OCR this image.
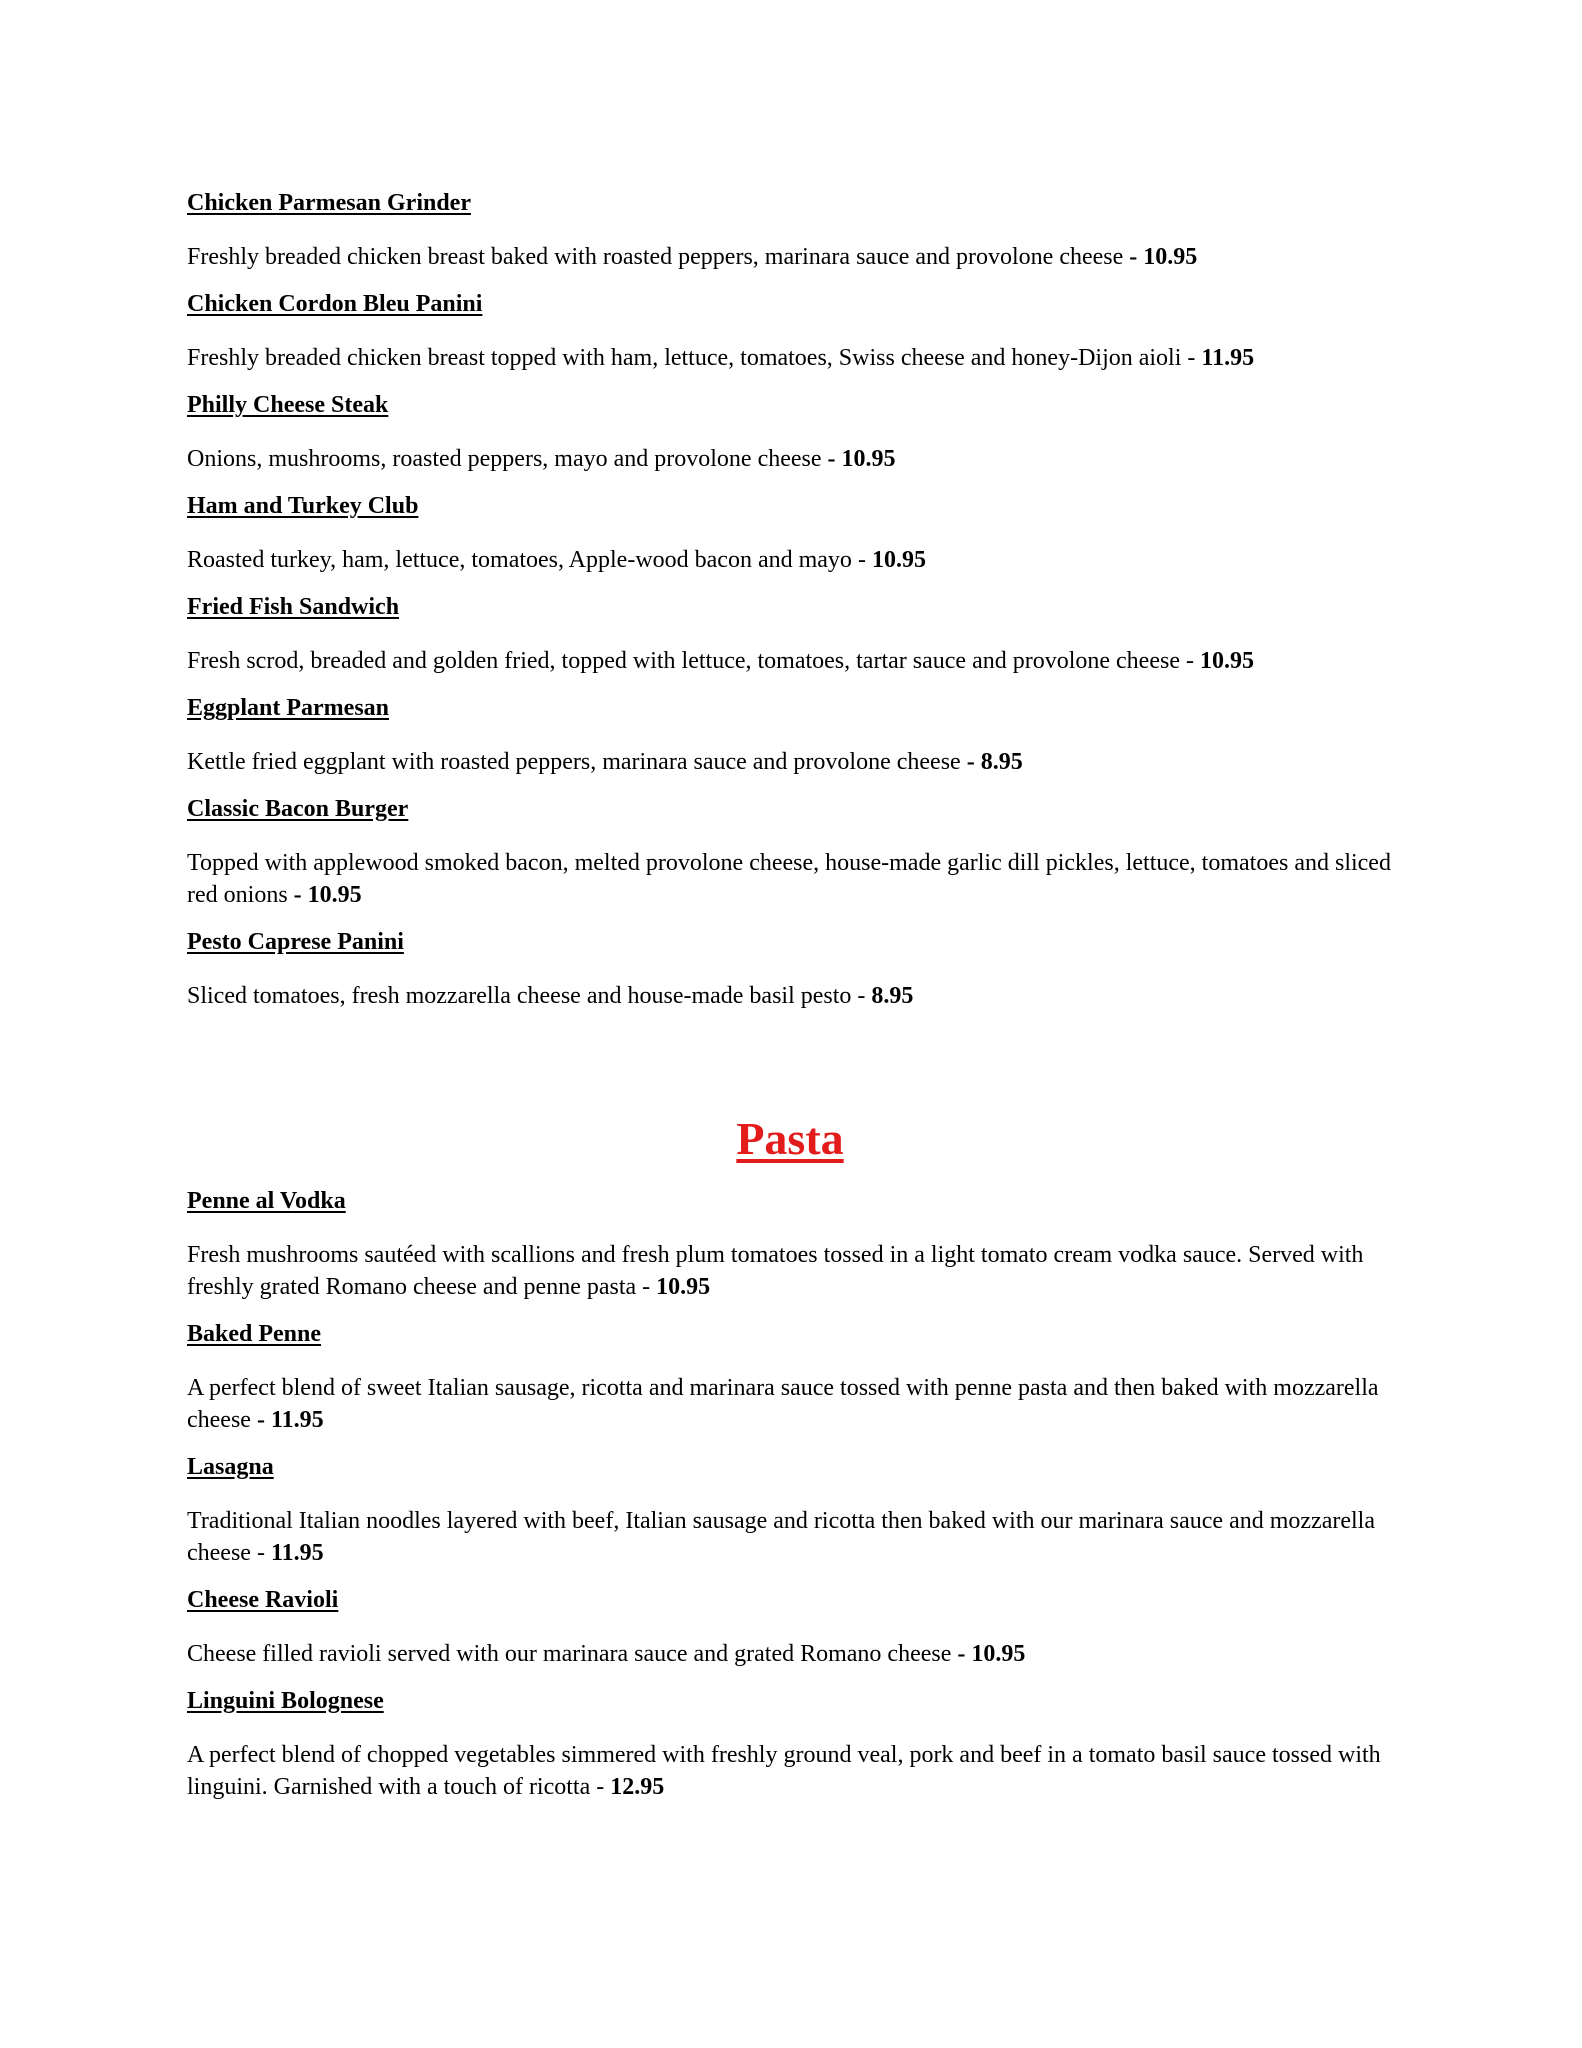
Chicken Parmesan Grinder
Freshly breaded chicken breast baked with roasted peppers, marinara sauce and provolone cheese - 10.95
Chicken Cordon Bleu Panini
Freshly breaded chicken breast topped with ham, lettuce, tomatoes, Swiss cheese and honey-Dijon aioli - 11.95
Philly Cheese Steak
Onions, mushrooms, roasted peppers, mayo and provolone cheese - 10.95
Ham and Turkey Club
Roasted turkey, ham, lettuce, tomatoes, Apple-wood bacon and mayo - 10.95
Fried Fish Sandwich
Fresh scrod, breaded and golden fried, topped with lettuce, tomatoes, tartar sauce and provolone cheese - 10.95
Eggplant Parmesan
Kettle fried eggplant with roasted peppers, marinara sauce and provolone cheese - 8.95
Classic Bacon Burger
Topped with applewood smoked bacon, melted provolone cheese, house-made garlic dill pickles, lettuce, tomatoes and sliced red onions - 10.95
Pesto Caprese Panini
Sliced tomatoes, fresh mozzarella cheese and house-made basil pesto - 8.95
Pasta
Penne al Vodka
Fresh mushrooms sautéed with scallions and fresh plum tomatoes tossed in a light tomato cream vodka sauce. Served with freshly grated Romano cheese and penne pasta - 10.95
Baked Penne
A perfect blend of sweet Italian sausage, ricotta and marinara sauce tossed with penne pasta and then baked with mozzarella cheese - 11.95
Lasagna
Traditional Italian noodles layered with beef, Italian sausage and ricotta then baked with our marinara sauce and mozzarella cheese - 11.95
Cheese Ravioli
Cheese filled ravioli served with our marinara sauce and grated Romano cheese - 10.95
Linguini Bolognese
A perfect blend of chopped vegetables simmered with freshly ground veal, pork and beef in a tomato basil sauce tossed with linguini. Garnished with a touch of ricotta - 12.95
